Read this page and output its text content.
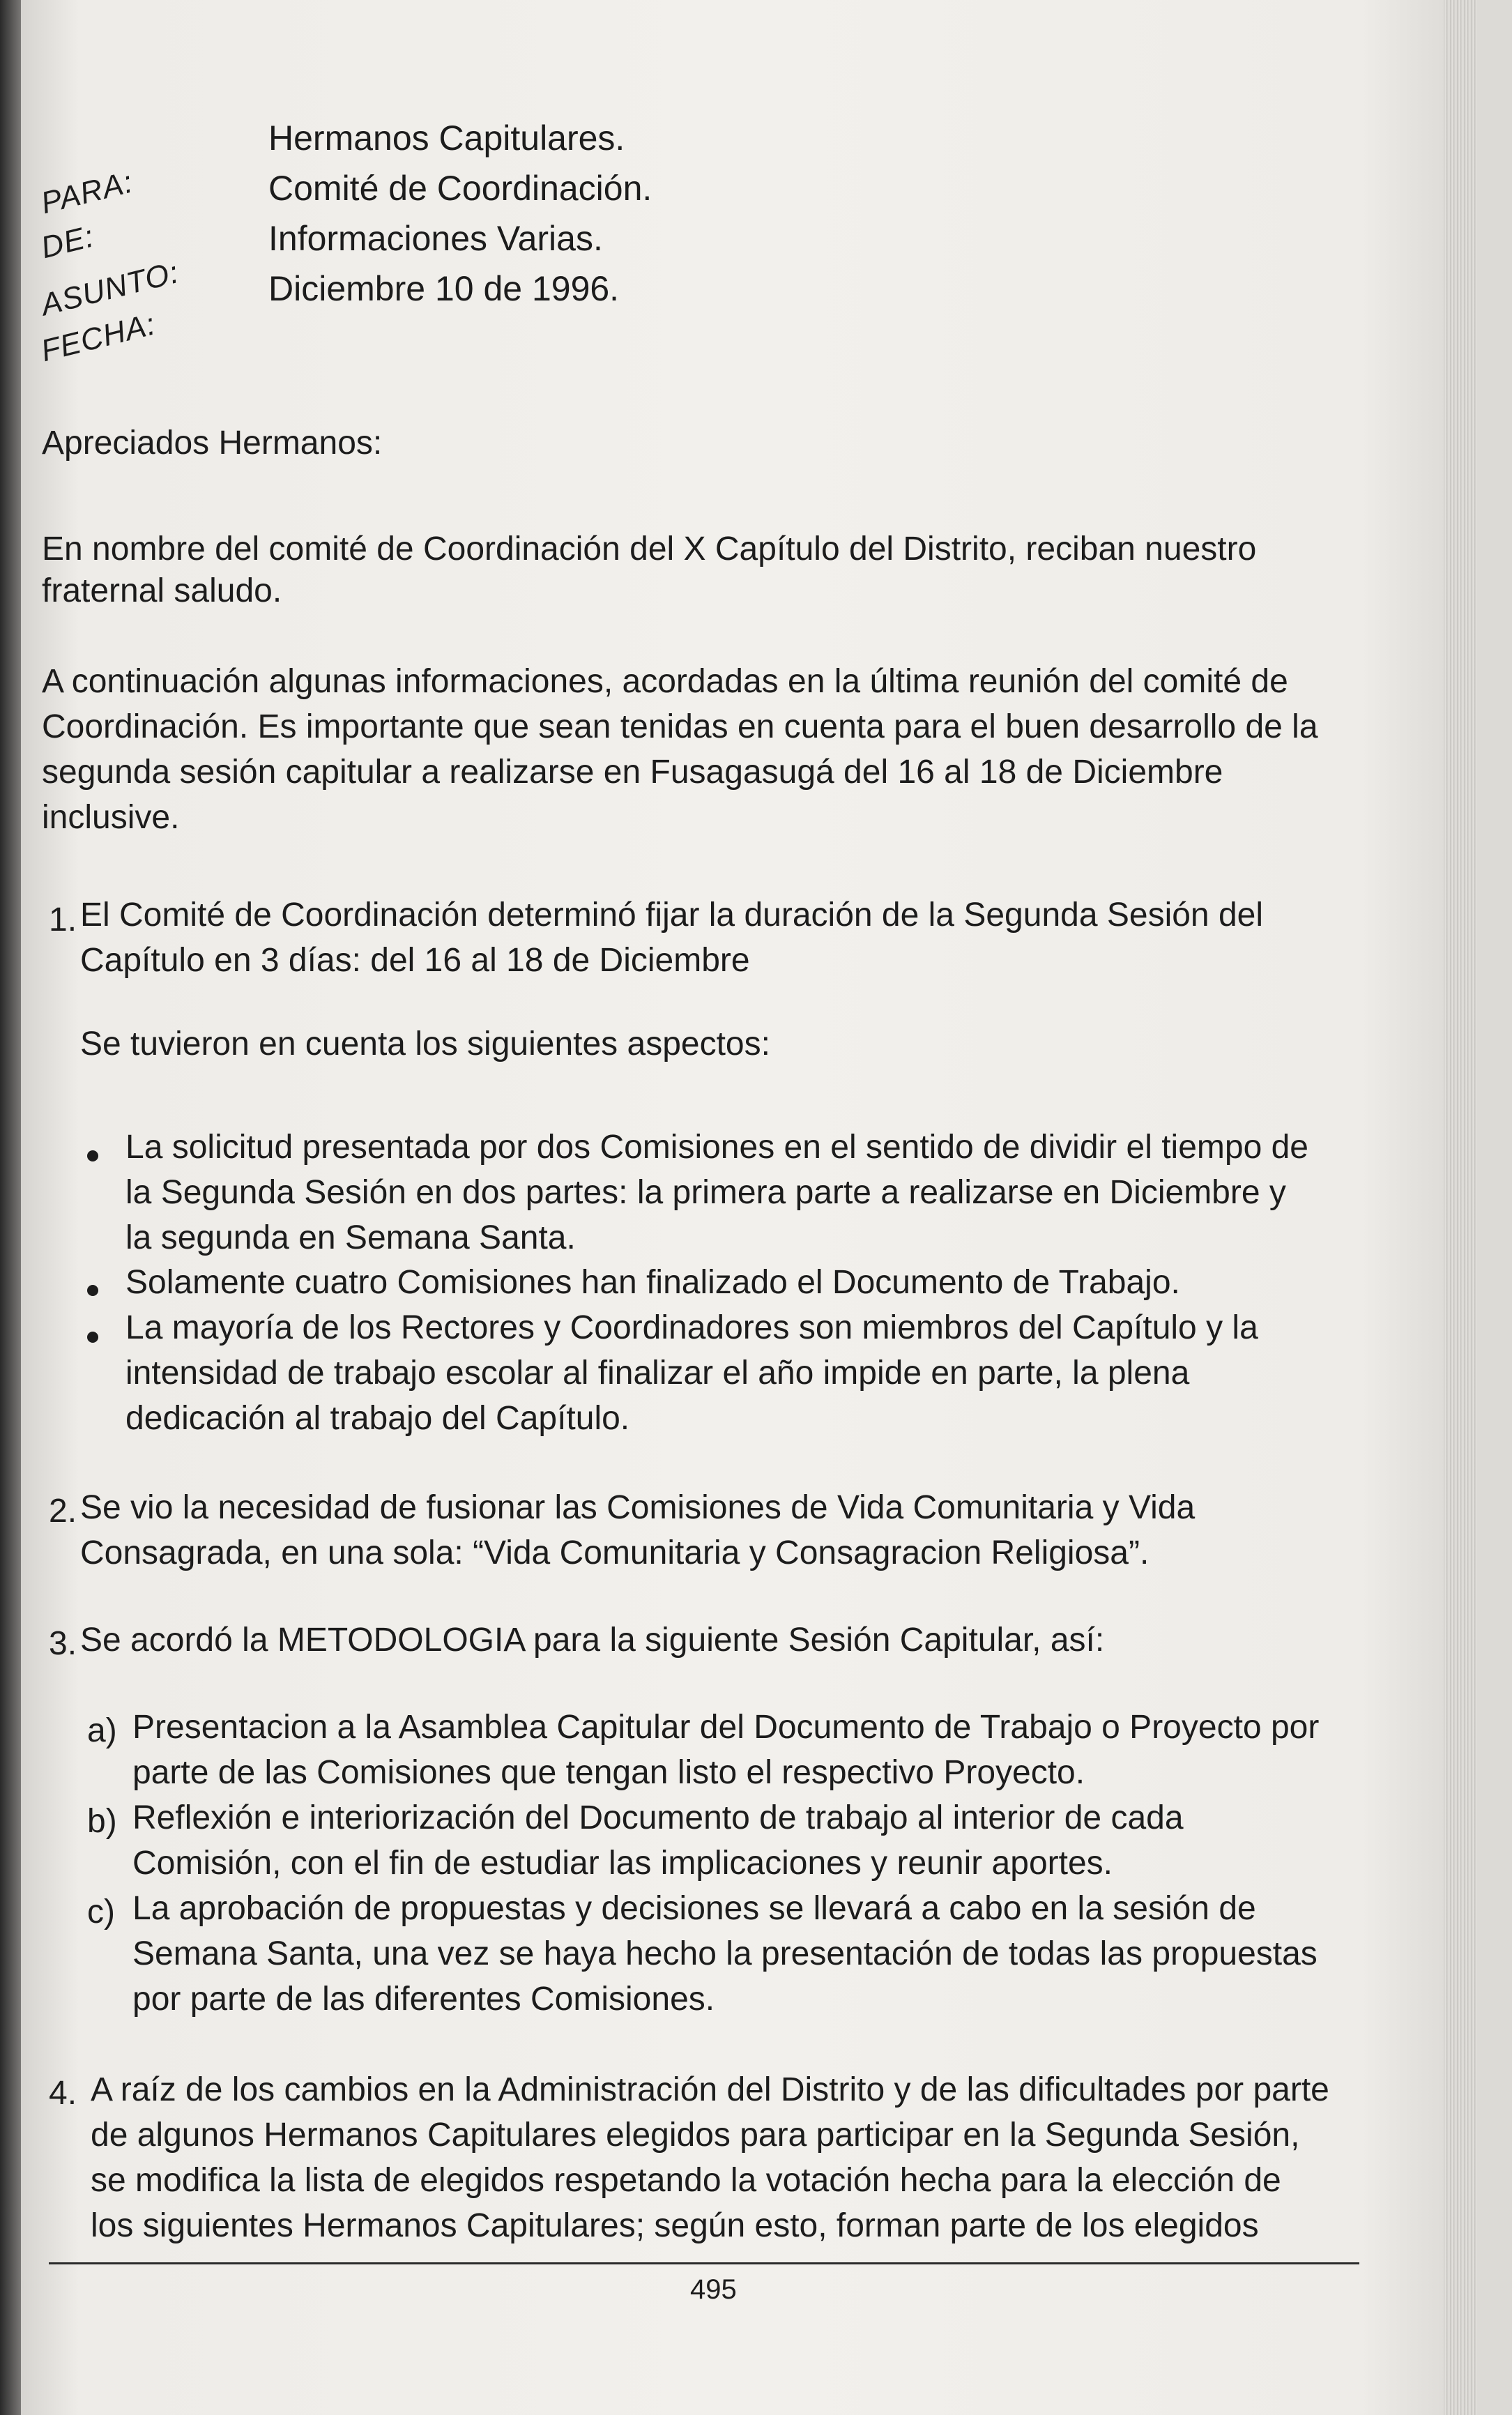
PARA:
DE:
ASUNTO:
FECHA:
Hermanos Capitulares.
Comité de Coordinación.
Informaciones Varias.
Diciembre 10 de 1996.
Apreciados Hermanos:
En nombre del comité de Coordinación del X Capítulo del Distrito, reciban nuestro
fraternal saludo.
A continuación algunas informaciones, acordadas en la última reunión del comité de
Coordinación. Es importante que sean tenidas en cuenta para el buen desarrollo de la
segunda sesión capitular a realizarse en Fusagasugá del 16 al 18 de Diciembre
inclusive.
1. El Comité de Coordinación determinó fijar la duración de la Segunda Sesión del
Capítulo en 3 días: del 16 al 18 de Diciembre
Se tuvieron en cuenta los siguientes aspectos:
La solicitud presentada por dos Comisiones en el sentido de dividir el tiempo de
la Segunda Sesión en dos partes: la primera parte a realizarse en Diciembre y
la segunda en Semana Santa.
Solamente cuatro Comisiones han finalizado el Documento de Trabajo.
La mayoría de los Rectores y Coordinadores son miembros del Capítulo y la
intensidad de trabajo escolar al finalizar el año impide en parte, la plena
dedicación al trabajo del Capítulo.
2. Se vio la necesidad de fusionar las Comisiones de Vida Comunitaria y Vida
Consagrada, en una sola: “Vida Comunitaria y Consagracion Religiosa”.
3. Se acordó la METODOLOGIA para la siguiente Sesión Capitular, así:
a) Presentacion a la Asamblea Capitular del Documento de Trabajo o Proyecto por
parte de las Comisiones que tengan listo el respectivo Proyecto.
b) Reflexión e interiorización del Documento de trabajo al interior de cada
Comisión, con el fin de estudiar las implicaciones y reunir aportes.
c) La aprobación de propuestas y decisiones se llevará a cabo en la sesión de
Semana Santa, una vez se haya hecho la presentación de todas las propuestas
por parte de las diferentes Comisiones.
4. A raíz de los cambios en la Administración del Distrito y de las dificultades por parte
de algunos Hermanos Capitulares elegidos para participar en la Segunda Sesión,
se modifica la lista de elegidos respetando la votación hecha para la elección de
los siguientes Hermanos Capitulares; según esto, forman parte de los elegidos
495
